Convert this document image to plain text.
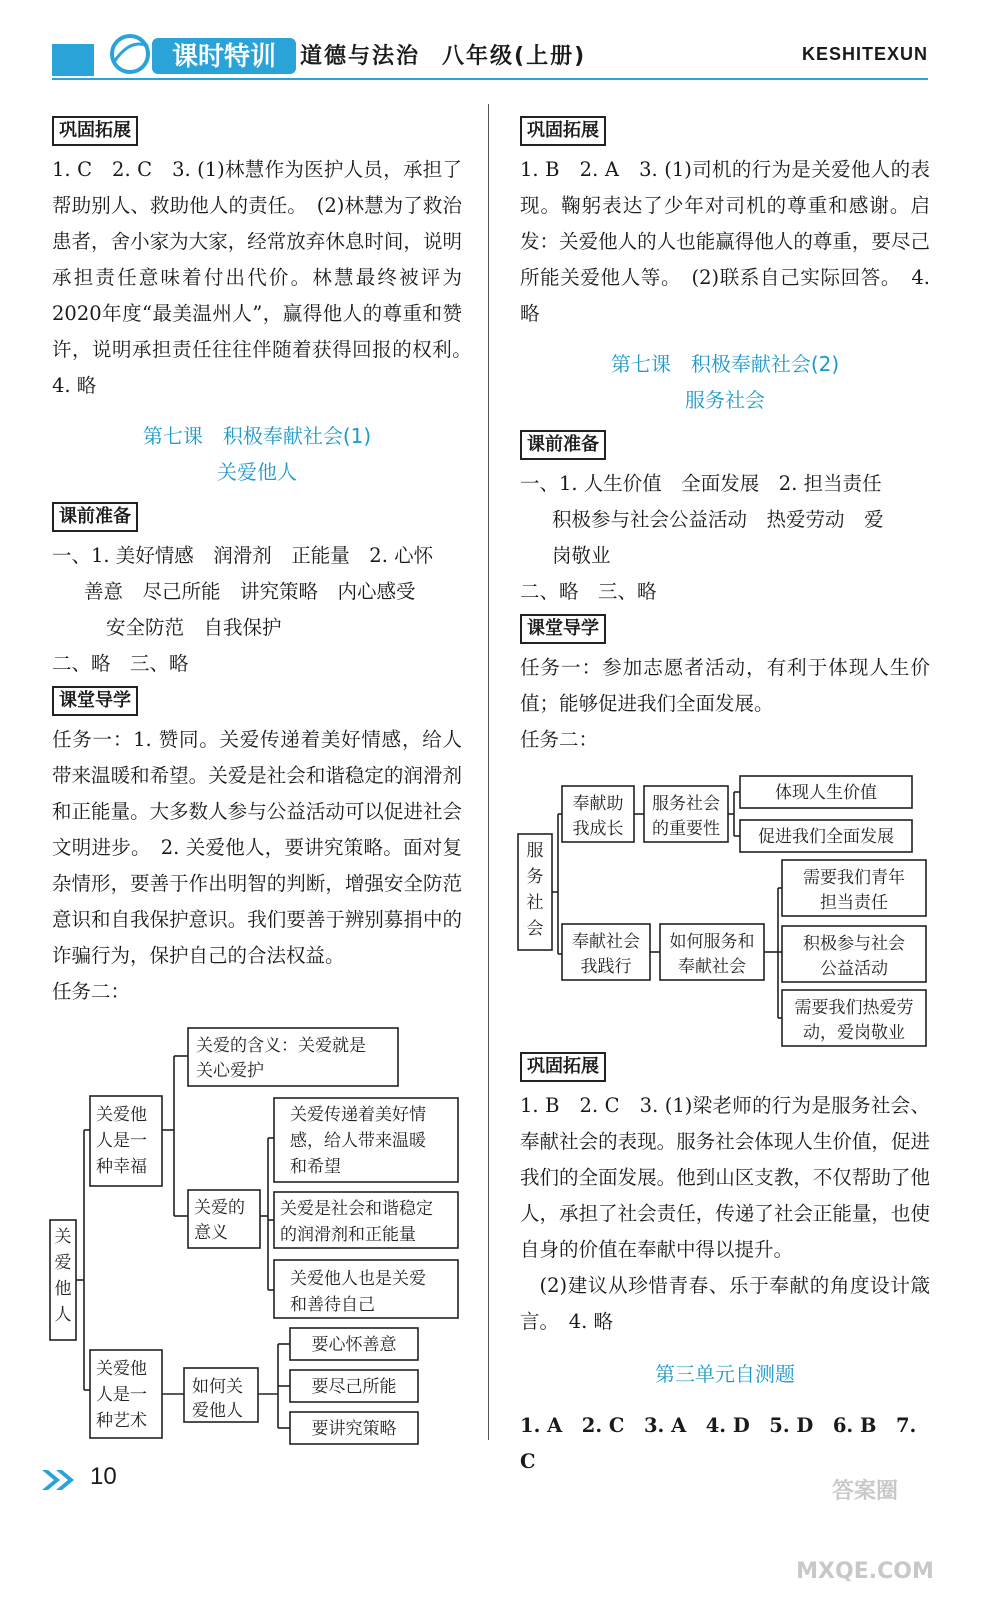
课时特训 道德与法治 八年级(上册)	KESHITEXUN
巩固拓展
1. C　2. C　3. (1)林慧作为医护人员，承担了帮助别人、救助他人的责任。　(2)林慧为了救治患者，舍小家为大家，经常放弃休息时间，说明承担责任意味着付出代价。林慧最终被评为2020年度“最美温州人”，赢得他人的尊重和赞许，说明承担责任往往伴随着获得回报的权利。　4. 略
第七课　积极奉献社会(1)
关爱他人
课前准备
一、1. 美好情感　润滑剂　正能量　2. 心怀
善意　尽己所能　讲究策略　内心感受
安全防范　自我保护
二、略　三、略
课堂导学
任务一：1. 赞同。关爱传递着美好情感，给人带来温暖和希望。关爱是社会和谐稳定的润滑剂和正能量。大多数人参与公益活动可以促进社会文明进步。　2. 关爱他人，要讲究策略。面对复杂情形，要善于作出明智的判断，增强安全防范意识和自我保护意识。我们要善于辨别募捐中的诈骗行为，保护自己的合法权益。
任务二：
关
爱
他
人
关爱他
人是一
种幸福
关爱的含义：关爱就是
关心爱护
关爱的
意义
关爱传递着美好情
感，给人带来温暖
和希望
关爱是社会和谐稳定
的润滑剂和正能量
关爱他人也是关爱
和善待自己
关爱他
人是一
种艺术
如何关
爱他人
要心怀善意
要尽己所能
要讲究策略
巩固拓展
1. B　2. A　3. (1)司机的行为是关爱他人的表现。鞠躬表达了少年对司机的尊重和感谢。启发：关爱他人的人也能赢得他人的尊重，要尽己所能关爱他人等。　(2)联系自己实际回答。　4. 略
第七课　积极奉献社会(2)
服务社会
课前准备
一、1. 人生价值　全面发展　2. 担当责任
积极参与社会公益活动　热爱劳动　爱
岗敬业
二、略　三、略
课堂导学
任务一：参加志愿者活动，有利于体现人生价值；能够促进我们全面发展。
任务二：
巩固拓展
1. B　2. C　3. (1)梁老师的行为是服务社会、奉献社会的表现。服务社会体现人生价值，促进我们的全面发展。他到山区支教，不仅帮助了他人，承担了社会责任，传递了社会正能量，也使自身的价值在奉献中得以提升。
(2)建议从珍惜青春、乐于奉献的角度设计箴言。　4. 略
第三单元自测题
1. A　2. C　3. A　4. D　5. D　6. B　7. C
服
务
社
会
奉献助
我成长
服务社会
的重要性
体现人生价值
促进我们全面发展
奉献社会
我践行
如何服务和
奉献社会
需要我们青年
担当责任
积极参与社会
公益活动
需要我们热爱劳
动，爱岗敬业
10
答案圈 MXQE.COM
